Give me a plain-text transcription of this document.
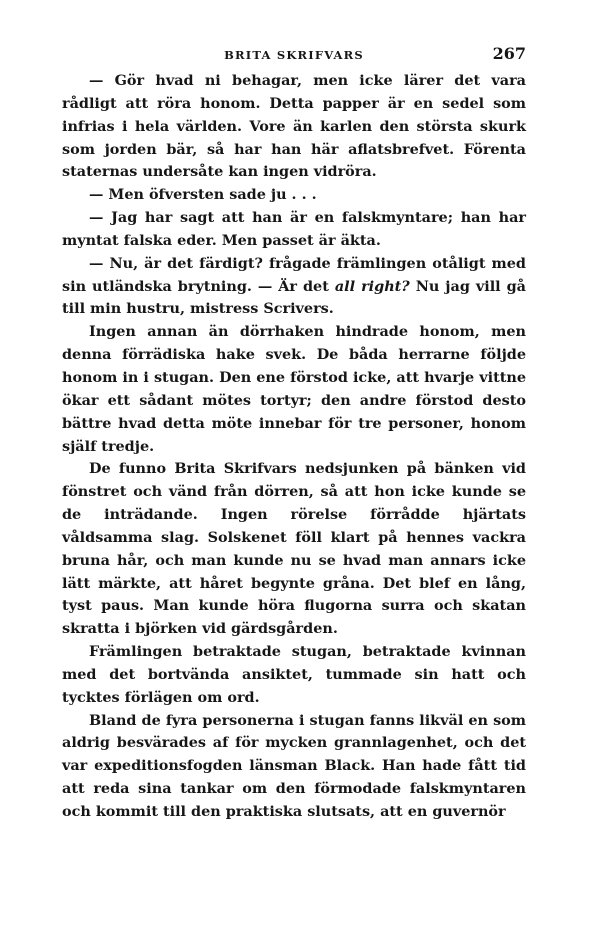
BRITA SKRIFVARS	267

— Gör hvad ni behagar, men icke lärer det vara rådligt att röra honom. Detta papper är en sedel som infrias i hela världen. Vore än karlen den största skurk som jorden bär, så har han här aflatsbrefvet. Förenta staternas undersåte kan ingen vidröra.

— Men öfversten sade ju . . .

— Jag har sagt att han är en falskmyntare; han har myntat falska eder. Men passet är äkta.

— Nu, är det färdigt? frågade främlingen otåligt med sin utländska brytning. — Är det all right? Nu jag vill gå till min hustru, mistress Scrivers.

Ingen annan än dörrhaken hindrade honom, men denna förrädiska hake svek. De båda herrarne följde honom in i stugan. Den ene förstod icke, att hvarje vittne ökar ett sådant mötes tortyr; den andre förstod desto bättre hvad detta möte innebar för tre personer, honom själf tredje.

De funno Brita Skrifvars nedsjunken på bänken vid fönstret och vänd från dörren, så att hon icke kunde se de inträdande. Ingen rörelse förrådde hjärtats våldsamma slag. Solskenet föll klart på hennes vackra bruna hår, och man kunde nu se hvad man annars icke lätt märkte, att håret begynte gråna. Det blef en lång, tyst paus. Man kunde höra flugorna surra och skatan skratta i björken vid gärdsgården.

Främlingen betraktade stugan, betraktade kvinnan med det bortvända ansiktet, tummade sin hatt och tycktes förlägen om ord.

Bland de fyra personerna i stugan fanns likväl en som aldrig besvärades af för mycken grannlagenhet, och det var expeditionsfogden länsman Black. Han hade fått tid att reda sina tankar om den förmodade falskmyntaren och kommit till den praktiska slutsats, att en guvernör
